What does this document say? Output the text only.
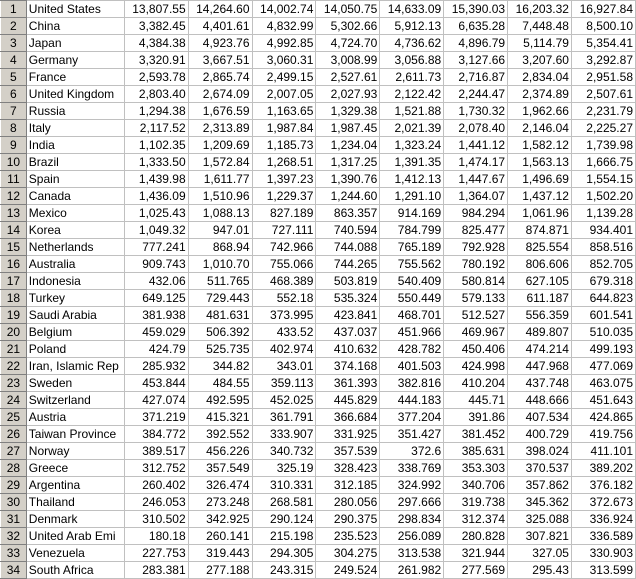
1	United States	13,807.55	14,264.60	14,002.74	14,050.75	14,633.09	15,390.03	16,203.32	16,927.84
2	China	3,382.45	4,401.61	4,832.99	5,302.66	5,912.13	6,635.28	7,448.48	8,500.10
3	Japan	4,384.38	4,923.76	4,992.85	4,724.70	4,736.62	4,896.79	5,114.79	5,354.41
4	Germany	3,320.91	3,667.51	3,060.31	3,008.99	3,056.88	3,127.66	3,207.60	3,292.87
5	France	2,593.78	2,865.74	2,499.15	2,527.61	2,611.73	2,716.87	2,834.04	2,951.58
6	United Kingdom	2,803.40	2,674.09	2,007.05	2,027.93	2,122.42	2,244.47	2,374.89	2,507.61
7	Russia	1,294.38	1,676.59	1,163.65	1,329.38	1,521.88	1,730.32	1,962.66	2,231.79
8	Italy	2,117.52	2,313.89	1,987.84	1,987.45	2,021.39	2,078.40	2,146.04	2,225.27
9	India	1,102.35	1,209.69	1,185.73	1,234.04	1,323.24	1,441.12	1,582.12	1,739.98
10	Brazil	1,333.50	1,572.84	1,268.51	1,317.25	1,391.35	1,474.17	1,563.13	1,666.75
11	Spain	1,439.98	1,611.77	1,397.23	1,390.76	1,412.13	1,447.67	1,496.69	1,554.15
12	Canada	1,436.09	1,510.96	1,229.37	1,244.60	1,291.10	1,364.07	1,437.12	1,502.20
13	Mexico	1,025.43	1,088.13	827.189	863.357	914.169	984.294	1,061.96	1,139.28
14	Korea	1,049.32	947.01	727.111	740.594	784.799	825.477	874.871	934.401
15	Netherlands	777.241	868.94	742.966	744.088	765.189	792.928	825.554	858.516
16	Australia	909.743	1,010.70	755.066	744.265	755.562	780.192	806.606	852.705
17	Indonesia	432.06	511.765	468.389	503.819	540.409	580.814	627.105	679.318
18	Turkey	649.125	729.443	552.18	535.324	550.449	579.133	611.187	644.823
19	Saudi Arabia	381.938	481.631	373.995	423.841	468.701	512.527	556.359	601.541
20	Belgium	459.029	506.392	433.52	437.037	451.966	469.967	489.807	510.035
21	Poland	424.79	525.735	402.974	410.632	428.782	450.406	474.214	499.193
22	Iran, Islamic Rep	285.932	344.82	343.01	374.168	401.503	424.998	447.968	477.069
23	Sweden	453.844	484.55	359.113	361.393	382.816	410.204	437.748	463.075
24	Switzerland	427.074	492.595	452.025	445.829	444.183	445.71	448.666	451.643
25	Austria	371.219	415.321	361.791	366.684	377.204	391.86	407.534	424.865
26	Taiwan Province	384.772	392.552	333.907	331.925	351.427	381.452	400.729	419.756
27	Norway	389.517	456.226	340.732	357.539	372.6	385.631	398.024	411.101
28	Greece	312.752	357.549	325.19	328.423	338.769	353.303	370.537	389.202
29	Argentina	260.402	326.474	310.331	312.185	324.992	340.706	357.862	376.182
30	Thailand	246.053	273.248	268.581	280.056	297.666	319.738	345.362	372.673
31	Denmark	310.502	342.925	290.124	290.375	298.834	312.374	325.088	336.924
32	United Arab Emi	180.18	260.141	215.198	235.523	256.089	280.828	307.821	336.589
33	Venezuela	227.753	319.443	294.305	304.275	313.538	321.944	327.05	330.903
34	South Africa	283.381	277.188	243.315	249.524	261.982	277.569	295.43	313.599
